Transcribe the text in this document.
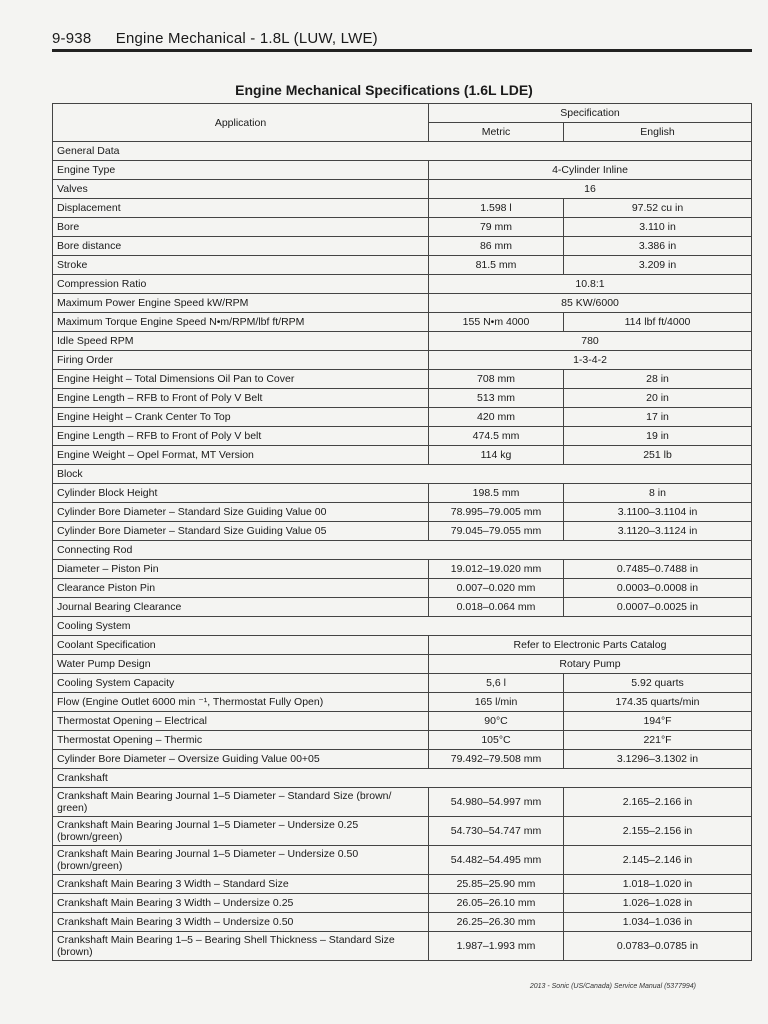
9-938 Engine Mechanical - 1.8L (LUW, LWE)
Engine Mechanical Specifications (1.6L LDE)
Application	Specification	
	Metric	English
General Data		
Engine Type	4-Cylinder Inline	
Valves	16	
Displacement	1.598 l	97.52 cu in
Bore	79 mm	3.110 in
Bore distance	86 mm	3.386 in
Stroke	81.5 mm	3.209 in
Compression Ratio	10.8:1	
Maximum Power Engine Speed kW/RPM	85 KW/6000	
Maximum Torque Engine Speed N•m/RPM/lbf ft/RPM	155 N•m 4000	114 lbf ft/4000
Idle Speed RPM	780	
Firing Order	1-3-4-2	
Engine Height – Total Dimensions Oil Pan to Cover	708 mm	28 in
Engine Length – RFB to Front of Poly V Belt	513 mm	20 in
Engine Height – Crank Center To Top	420 mm	17 in
Engine Length – RFB to Front of Poly V belt	474.5 mm	19 in
Engine Weight – Opel Format, MT Version	114 kg	251 lb
Block		
Cylinder Block Height	198.5 mm	8 in
Cylinder Bore Diameter – Standard Size Guiding Value 00	78.995–79.005 mm	3.1100–3.1104 in
Cylinder Bore Diameter – Standard Size Guiding Value 05	79.045–79.055 mm	3.1120–3.1124 in
Connecting Rod		
Diameter – Piston Pin	19.012–19.020 mm	0.7485–0.7488 in
Clearance Piston Pin	0.007–0.020 mm	0.0003–0.0008 in
Journal Bearing Clearance	0.018–0.064 mm	0.0007–0.0025 in
Cooling System		
Coolant Specification	Refer to Electronic Parts Catalog	
Water Pump Design	Rotary Pump	
Cooling System Capacity	5,6 l	5.92 quarts
Flow (Engine Outlet 6000 min ⁻¹, Thermostat Fully Open)	165 l/min	174.35 quarts/min
Thermostat Opening – Electrical	90°C	194°F
Thermostat Opening – Thermic	105°C	221°F
Cylinder Bore Diameter – Oversize Guiding Value 00+05	79.492–79.508 mm	3.1296–3.1302 in
Crankshaft		
Crankshaft Main Bearing Journal 1–5 Diameter – Standard Size (brown/ green)	54.980–54.997 mm	2.165–2.166 in
Crankshaft Main Bearing Journal 1–5 Diameter – Undersize 0.25 (brown/green)	54.730–54.747 mm	2.155–2.156 in
Crankshaft Main Bearing Journal 1–5 Diameter – Undersize 0.50 (brown/green)	54.482–54.495 mm	2.145–2.146 in
Crankshaft Main Bearing 3 Width – Standard Size	25.85–25.90 mm	1.018–1.020 in
Crankshaft Main Bearing 3 Width – Undersize 0.25	26.05–26.10 mm	1.026–1.028 in
Crankshaft Main Bearing 3 Width – Undersize 0.50	26.25–26.30 mm	1.034–1.036 in
Crankshaft Main Bearing 1–5 – Bearing Shell Thickness – Standard Size (brown)	1.987–1.993 mm	0.0783–0.0785 in
2013 - Sonic (US/Canada) Service Manual (5377994)
